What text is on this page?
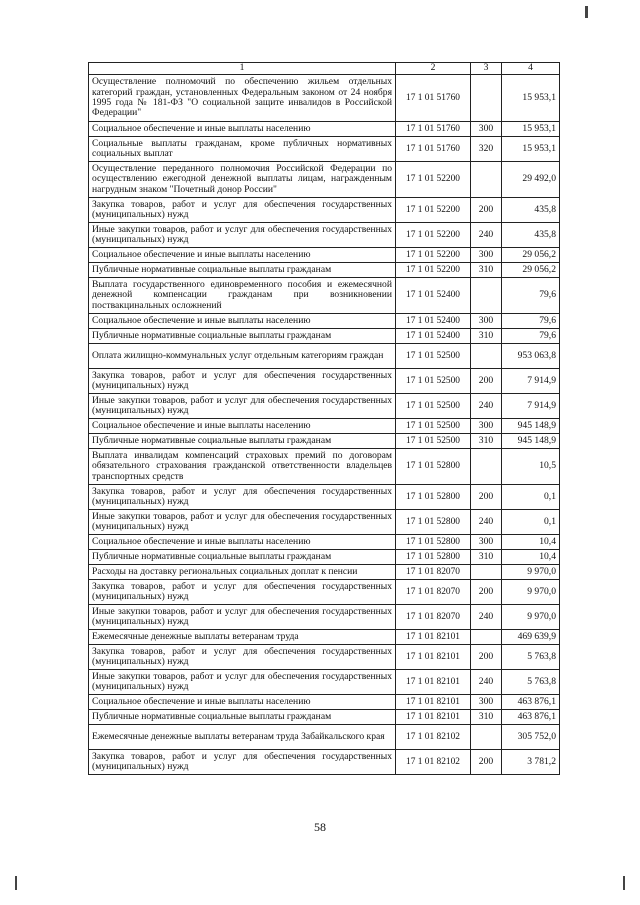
1	2	3	4
Осуществление полномочий по обеспечению жильем отдельных категорий граждан, установленных Федеральным законом от 24 ноября 1995 года № 181-ФЗ "О социальной защите инвалидов в Российской Федерации"	17 1 01 51760		15 953,1
Социальное обеспечение и иные выплаты населению	17 1 01 51760	300	15 953,1
Социальные выплаты гражданам, кроме публичных нормативных социальных выплат	17 1 01 51760	320	15 953,1
Осуществление переданного полномочия Российской Федерации по осуществлению ежегодной денежной выплаты лицам, награжденным нагрудным знаком "Почетный донор России"	17 1 01 52200		29 492,0
Закупка товаров, работ и услуг для обеспечения государственных (муниципальных) нужд	17 1 01 52200	200	435,8
Иные закупки товаров, работ и услуг для обеспечения государственных (муниципальных) нужд	17 1 01 52200	240	435,8
Социальное обеспечение и иные выплаты населению	17 1 01 52200	300	29 056,2
Публичные нормативные социальные выплаты гражданам	17 1 01 52200	310	29 056,2
Выплата государственного единовременного пособия и ежемесячной денежной компенсации гражданам при возникновении поствакцинальных осложнений	17 1 01 52400		79,6
Социальное обеспечение и иные выплаты населению	17 1 01 52400	300	79,6
Публичные нормативные социальные выплаты гражданам	17 1 01 52400	310	79,6
Оплата жилищно-коммунальных услуг отдельным категориям граждан	17 1 01 52500		953 063,8
Закупка товаров, работ и услуг для обеспечения государственных (муниципальных) нужд	17 1 01 52500	200	7 914,9
Иные закупки товаров, работ и услуг для обеспечения государственных (муниципальных) нужд	17 1 01 52500	240	7 914,9
Социальное обеспечение и иные выплаты населению	17 1 01 52500	300	945 148,9
Публичные нормативные социальные выплаты гражданам	17 1 01 52500	310	945 148,9
Выплата инвалидам компенсаций страховых премий по договорам обязательного страхования гражданской ответственности владельцев транспортных средств	17 1 01 52800		10,5
Закупка товаров, работ и услуг для обеспечения государственных (муниципальных) нужд	17 1 01 52800	200	0,1
Иные закупки товаров, работ и услуг для обеспечения государственных (муниципальных) нужд	17 1 01 52800	240	0,1
Социальное обеспечение и иные выплаты населению	17 1 01 52800	300	10,4
Публичные нормативные социальные выплаты гражданам	17 1 01 52800	310	10,4
Расходы на доставку региональных социальных доплат к пенсии	17 1 01 82070		9 970,0
Закупка товаров, работ и услуг для обеспечения государственных (муниципальных) нужд	17 1 01 82070	200	9 970,0
Иные закупки товаров, работ и услуг для обеспечения государственных (муниципальных) нужд	17 1 01 82070	240	9 970,0
Ежемесячные денежные выплаты ветеранам труда	17 1 01 82101		469 639,9
Закупка товаров, работ и услуг для обеспечения государственных (муниципальных) нужд	17 1 01 82101	200	5 763,8
Иные закупки товаров, работ и услуг для обеспечения государственных (муниципальных) нужд	17 1 01 82101	240	5 763,8
Социальное обеспечение и иные выплаты населению	17 1 01 82101	300	463 876,1
Публичные нормативные социальные выплаты гражданам	17 1 01 82101	310	463 876,1
Ежемесячные денежные выплаты ветеранам труда Забайкальского края	17 1 01 82102		305 752,0
Закупка товаров, работ и услуг для обеспечения государственных (муниципальных) нужд	17 1 01 82102	200	3 781,2
58
